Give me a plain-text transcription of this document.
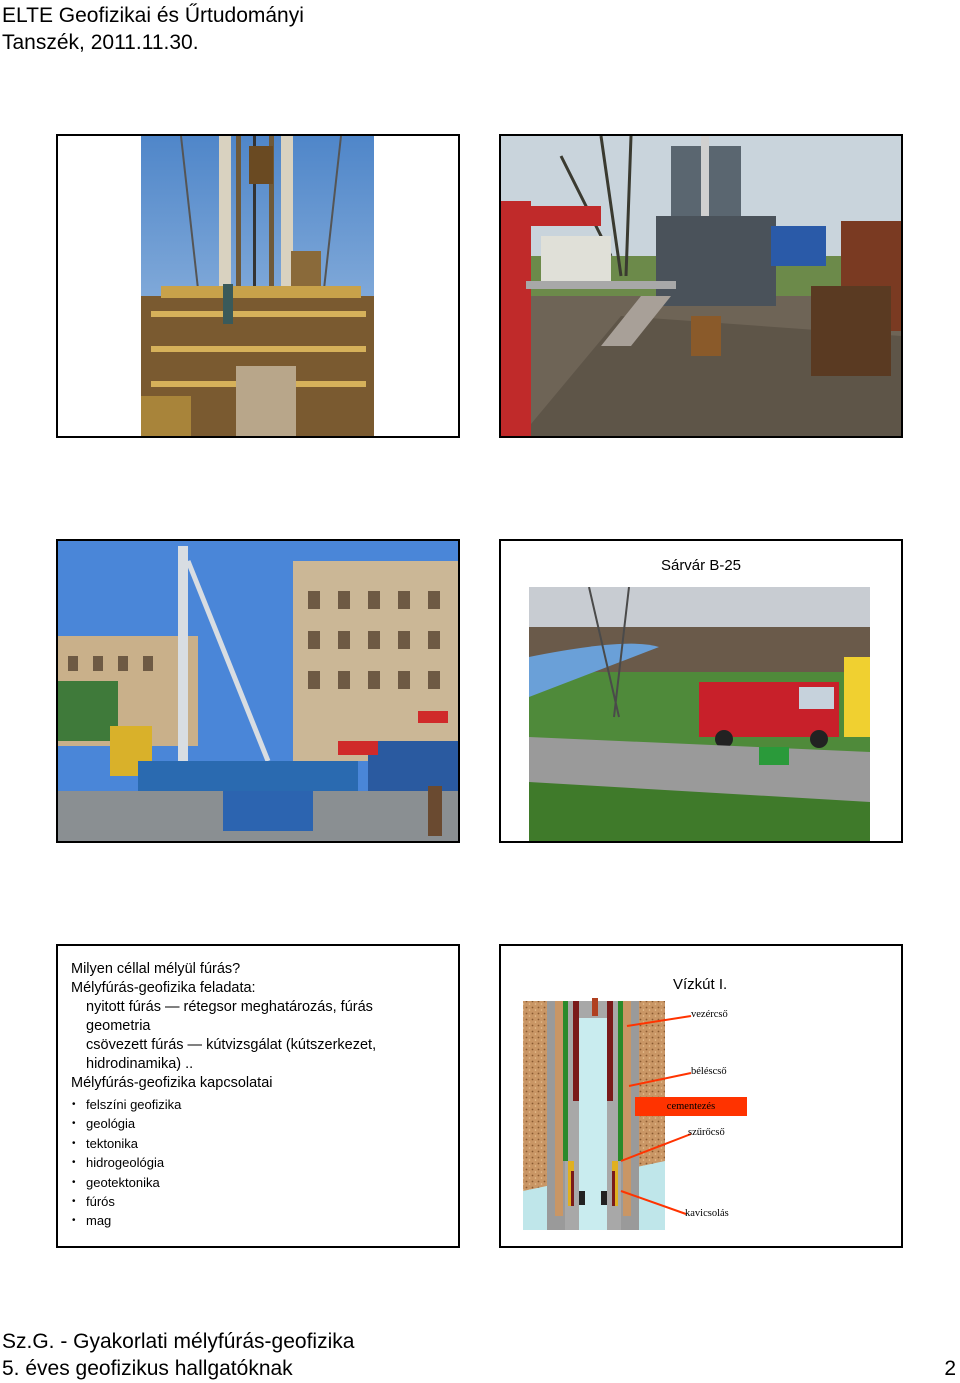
ELTE Geofizikai és Űrtudományi
Tanszék, 2011.11.30.
Sárvár B-25
Milyen céllal mélyül fúrás?
Mélyfúrás-geofizika feladata:
nyitott fúrás — rétegsor meghatározás, fúrás
geometria
csövezett fúrás — kútvizsgálat (kútszerkezet,
hidrodinamika) ..
Mélyfúrás-geofizika kapcsolatai
• felszíni geofizika
• geológia
• tektonika
• hidrogeológia
• geotektonika
• fúrós
• mag
Vízkút I.
vezércső
béléscső
cementezés
szűrőcső
kavicsolás
Sz.G. - Gyakorlati mélyfúrás-geofizika
5. éves geofizikus hallgatóknak	2
